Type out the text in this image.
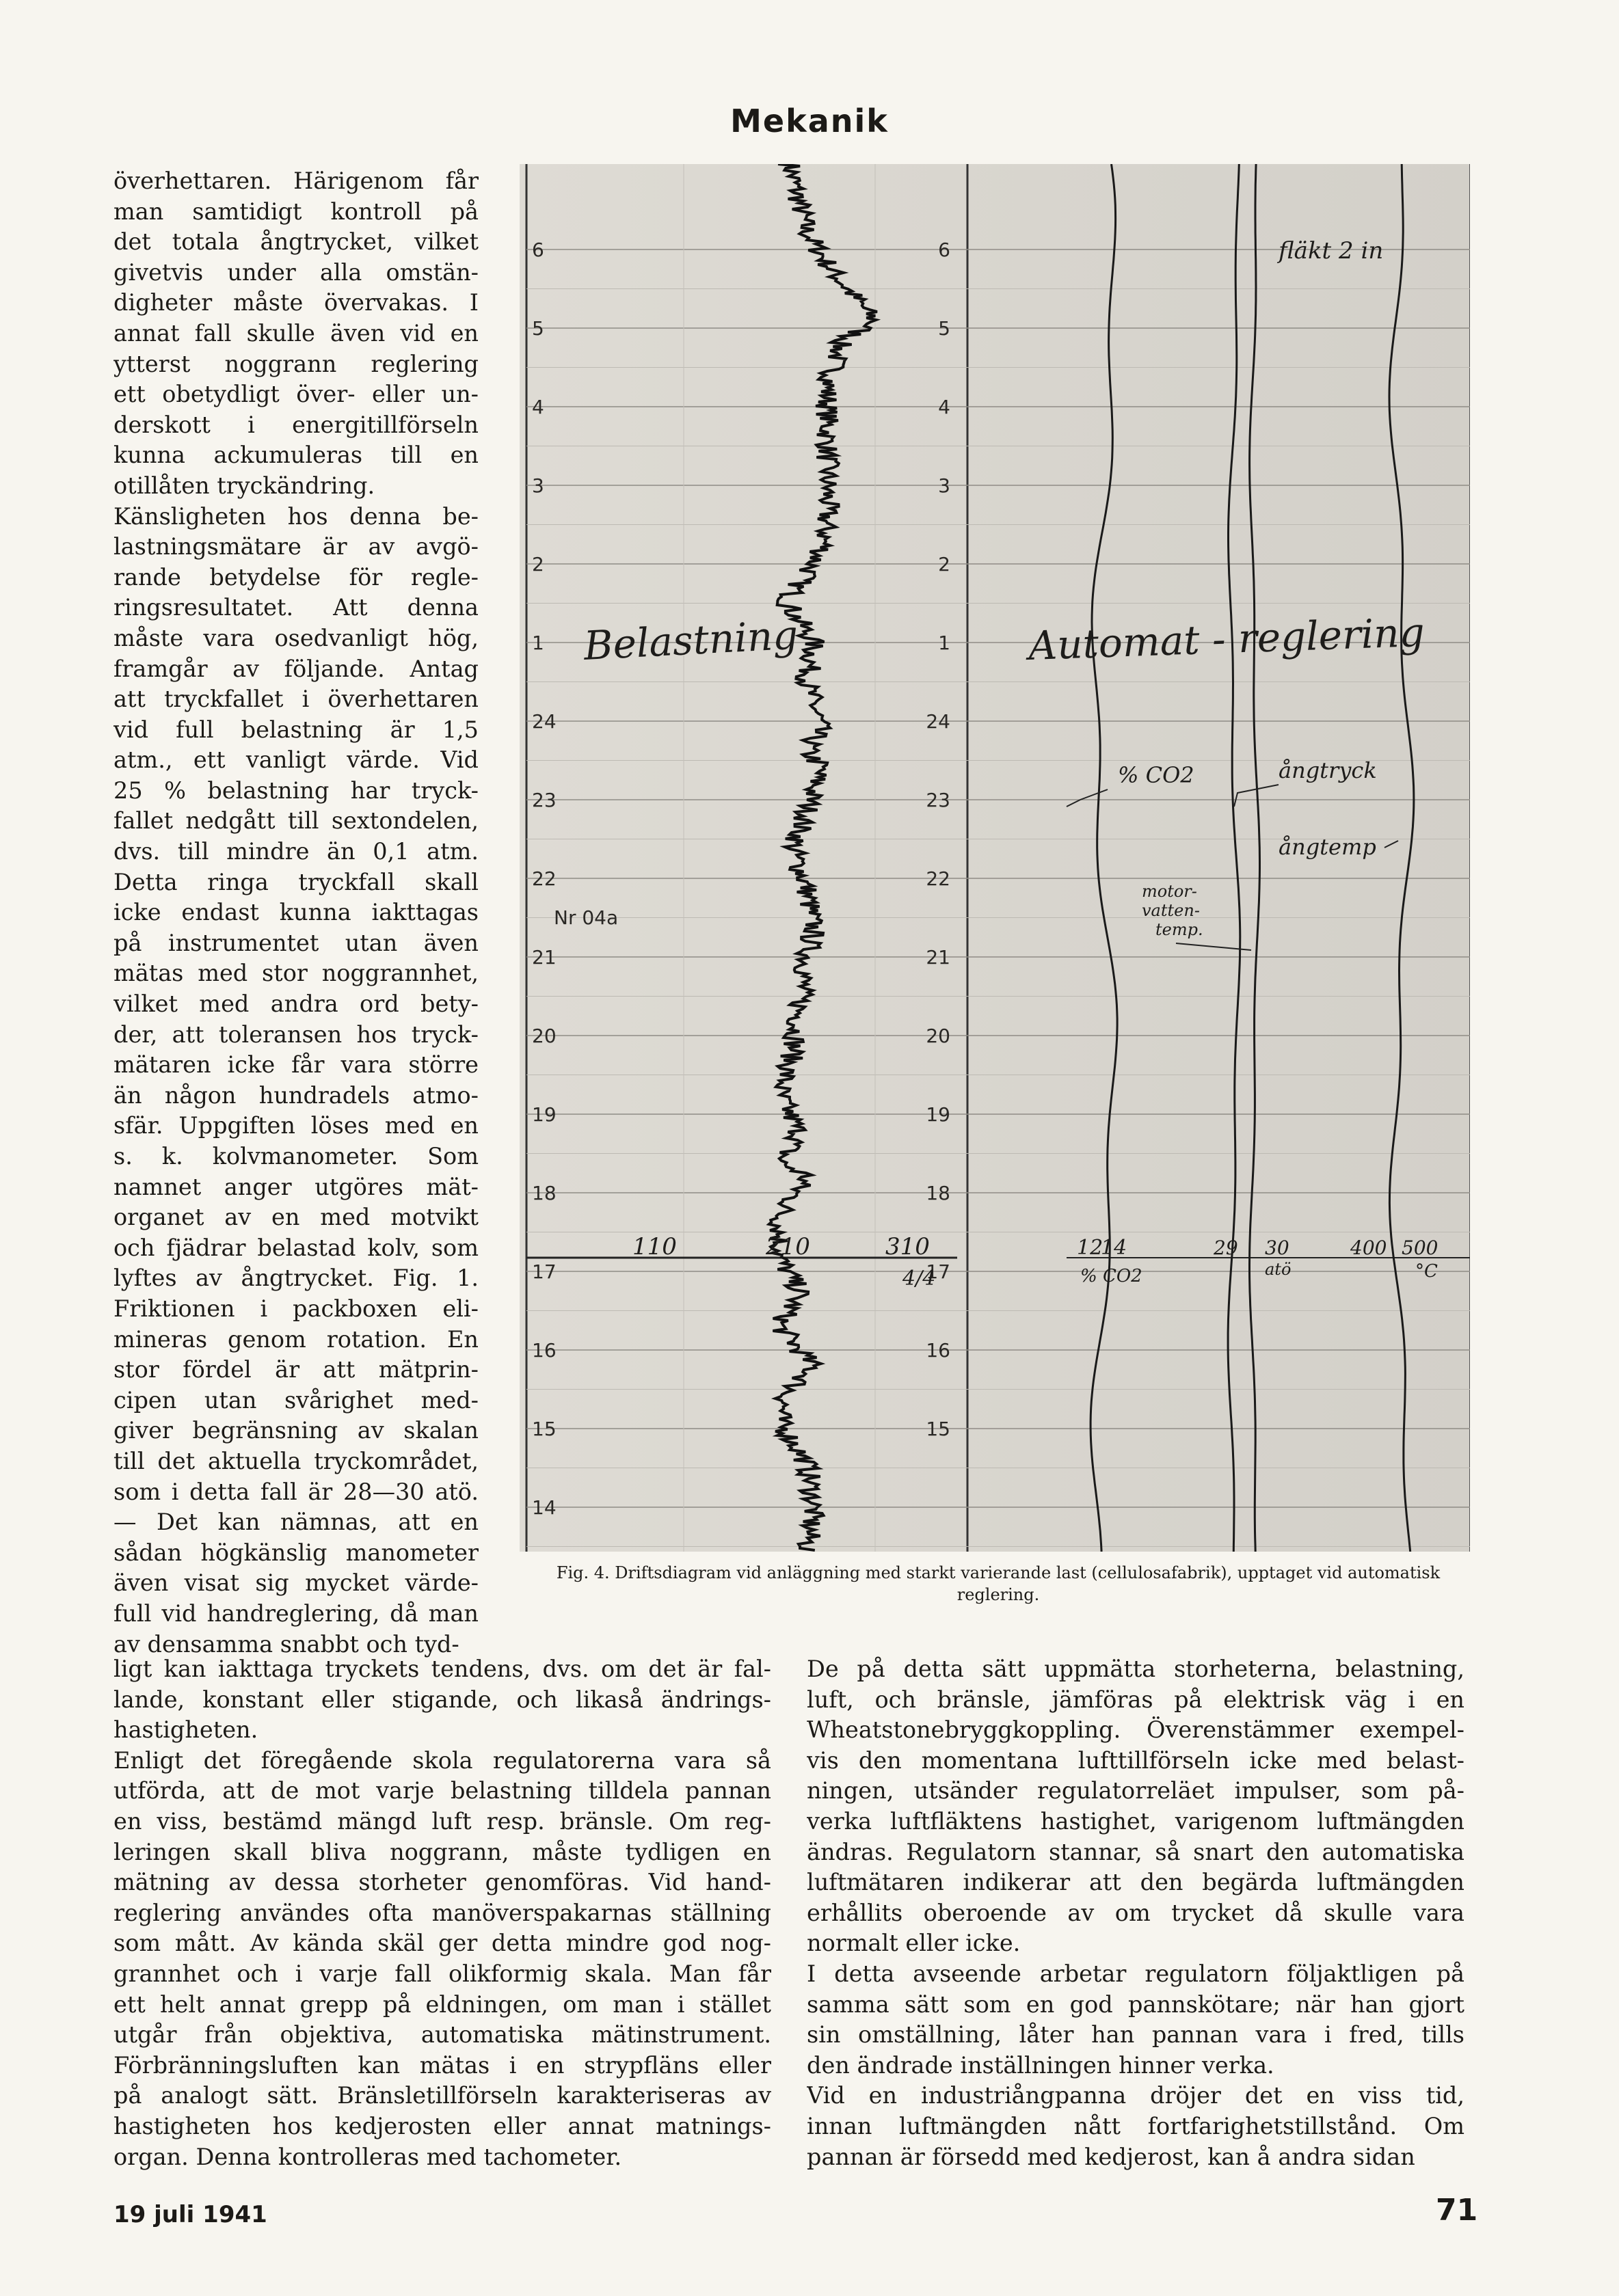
Mekanik
överhettaren. Härigenom får
man samtidigt kontroll på
det totala ångtrycket, vilket
givetvis under alla omstän-
digheter måste övervakas. I
annat fall skulle även vid en
ytterst noggrann reglering
ett obetydligt över- eller un-
derskott i energitillförseln
kunna ackumuleras till en
otillåten tryckändring.
Känsligheten hos denna be-
lastningsmätare är av avgö-
rande betydelse för regle-
ringsresultatet. Att denna
måste vara osedvanligt hög,
framgår av följande. Antag
att tryckfallet i överhettaren
vid full belastning är 1,5
atm., ett vanligt värde. Vid
25 % belastning har tryck-
fallet nedgått till sextondelen,
dvs. till mindre än 0,1 atm.
Detta ringa tryckfall skall
icke endast kunna iakttagas
på instrumentet utan även
mätas med stor noggrannhet,
vilket med andra ord bety-
der, att toleransen hos tryck-
mätaren icke får vara större
än någon hundradels atmo-
sfär. Uppgiften löses med en
s. k. kolvmanometer. Som
namnet anger utgöres mät-
organet av en med motvikt
och fjädrar belastad kolv, som
lyftes av ångtrycket. Fig. 1.
Friktionen i packboxen eli-
mineras genom rotation. En
stor fördel är att mätprin-
cipen utan svårighet med-
giver begränsning av skalan
till det aktuella tryckområdet,
som i detta fall är 28—30 atö.
— Det kan nämnas, att en
sådan högkänslig manometer
även visat sig mycket värde-
full vid handreglering, då man
av densamma snabbt och tyd-
ligt kan iakttaga tryckets tendens, dvs. om det är fal-
lande, konstant eller stigande, och likaså ändrings-
hastigheten.
Enligt det föregående skola regulatorerna vara så
utförda, att de mot varje belastning tilldela pannan
en viss, bestämd mängd luft resp. bränsle. Om reg-
leringen skall bliva noggrann, måste tydligen en
mätning av dessa storheter genomföras. Vid hand-
reglering användes ofta manöverspakarnas ställning
som mått. Av kända skäl ger detta mindre god nog-
grannhet och i varje fall olikformig skala. Man får
ett helt annat grepp på eldningen, om man i stället
utgår från objektiva, automatiska mätinstrument.
Förbränningsluften kan mätas i en strypfläns eller
på analogt sätt. Bränsletillförseln karakteriseras av
hastigheten hos kedjerosten eller annat matnings-
organ. Denna kontrolleras med tachometer.
De på detta sätt uppmätta storheterna, belastning,
luft, och bränsle, jämföras på elektrisk väg i en
Wheatstonebryggkoppling. Överenstämmer exempel-
vis den momentana lufttillförseln icke med belast-
ningen, utsänder regulatorreläet impulser, som på-
verka luftfläktens hastighet, varigenom luftmängden
ändras. Regulatorn stannar, så snart den automatiska
luftmätaren indikerar att den begärda luftmängden
erhållits oberoende av om trycket då skulle vara
normalt eller icke.
I detta avseende arbetar regulatorn följaktligen på
samma sätt som en god pannskötare; när han gjort
sin omställning, låter han pannan vara i fred, tills
den ändrade inställningen hinner verka.
Vid en industriångpanna dröjer det en viss tid,
innan luftmängden nått fortfarighetstillstånd. Om
pannan är försedd med kedjerost, kan å andra sidan
6
5
4
3
2
1
24
23
22
21
20
19
18
17
16
15
14
6
5
4
3
2
1
24
23
22
21
20
19
18
17
16
15
Belastning	Automat - reglering
fläkt 2 in
% CO2	ångtryck
ångtemp
motor-
vatten-
temp.
Nr 04a
110	210	310
4/4
12
14
% CO2
29 30
atö
400 500
°C
Fig. 4. Driftsdiagram vid anläggning med starkt varierande last (cellulosafabrik), upptaget vid automatisk reglering.
19 juli 1941	71
